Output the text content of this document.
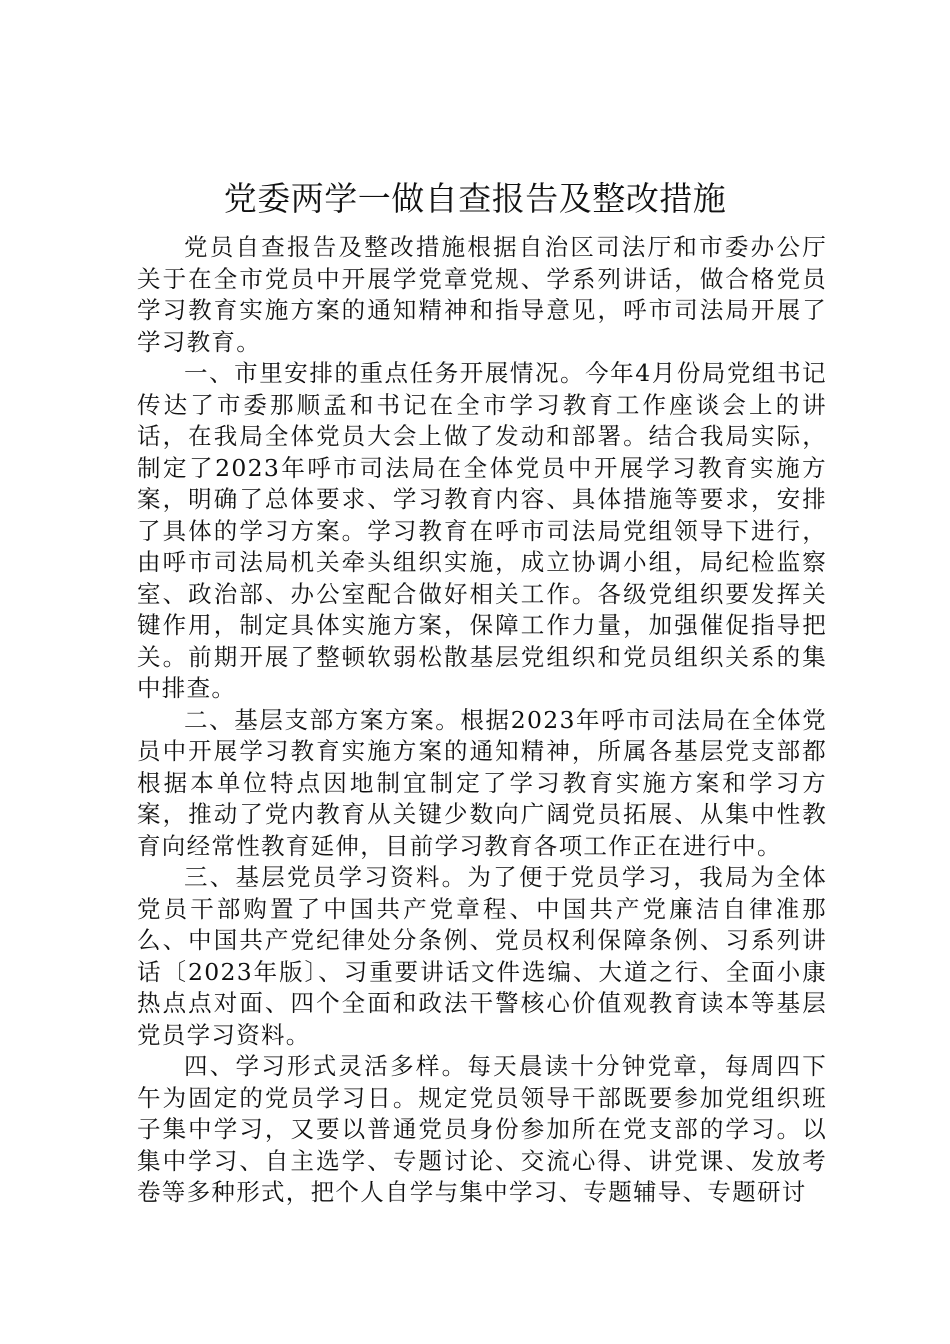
党委两学一做自查报告及整改措施

党员自查报告及整改措施根据自治区司法厅和市委办公厅关于在全市党员中开展学党章党规、学系列讲话，做合格党员学习教育实施方案的通知精神和指导意见，呼市司法局开展了学习教育。

一、市里安排的重点任务开展情况。今年4月份局党组书记传达了市委那顺孟和书记在全市学习教育工作座谈会上的讲话，在我局全体党员大会上做了发动和部署。结合我局实际，制定了2023年呼市司法局在全体党员中开展学习教育实施方案，明确了总体要求、学习教育内容、具体措施等要求，安排了具体的学习方案。学习教育在呼市司法局党组领导下进行，由呼市司法局机关牵头组织实施，成立协调小组，局纪检监察室、政治部、办公室配合做好相关工作。各级党组织要发挥关键作用，制定具体实施方案，保障工作力量，加强催促指导把关。前期开展了整顿软弱松散基层党组织和党员组织关系的集中排查。

二、基层支部方案方案。根据2023年呼市司法局在全体党员中开展学习教育实施方案的通知精神，所属各基层党支部都根据本单位特点因地制宜制定了学习教育实施方案和学习方案，推动了党内教育从关键少数向广阔党员拓展、从集中性教育向经常性教育延伸，目前学习教育各项工作正在进行中。

三、基层党员学习资料。为了便于党员学习，我局为全体党员干部购置了中国共产党章程、中国共产党廉洁自律准那么、中国共产党纪律处分条例、党员权利保障条例、习系列讲话〔2023年版〕、习重要讲话文件选编、大道之行、全面小康热点点对面、四个全面和政法干警核心价值观教育读本等基层党员学习资料。

四、学习形式灵活多样。每天晨读十分钟党章，每周四下午为固定的党员学习日。规定党员领导干部既要参加党组织班子集中学习，又要以普通党员身份参加所在党支部的学习。以集中学习、自主选学、专题讨论、交流心得、讲党课、发放考卷等多种形式，把个人自学与集中学习、专题辅导、专题研讨
